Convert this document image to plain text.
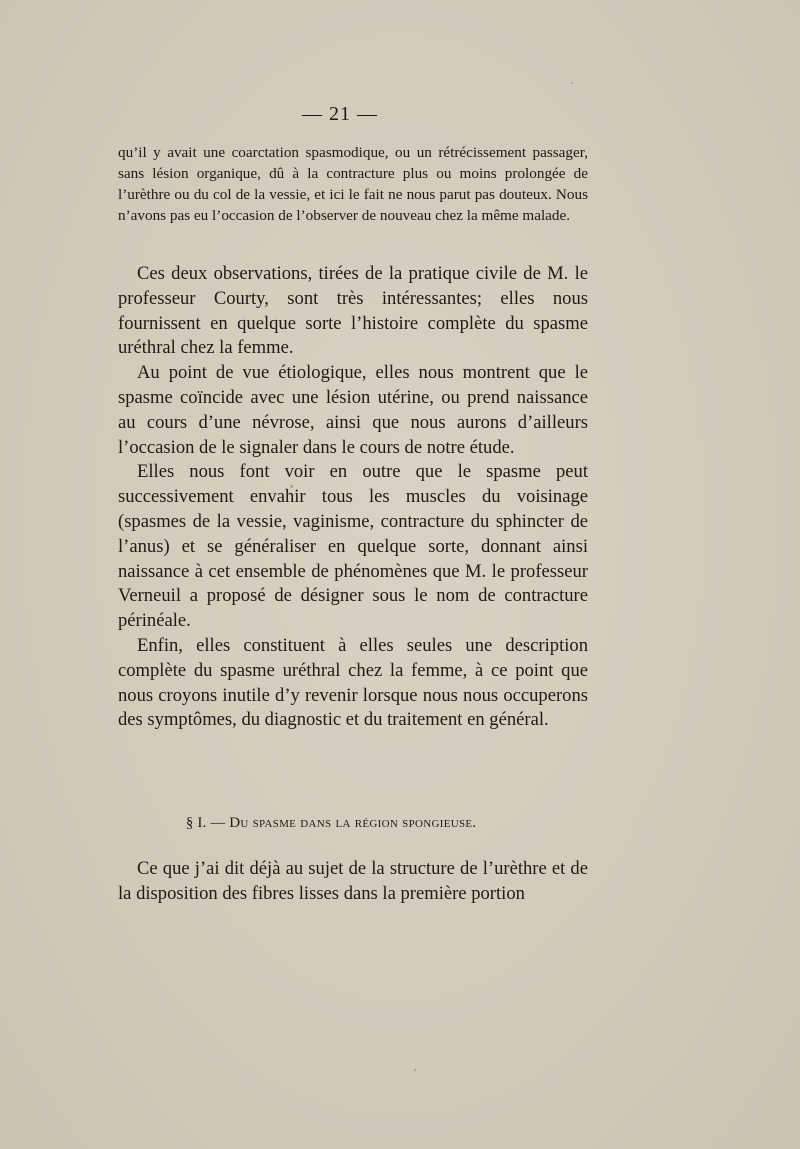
— 21 —

qu’il y avait une coarctation spasmodique, ou un rétrécissement passager, sans lésion organique, dû à la contracture plus ou moins prolongée de l’urèthre ou du col de la vessie, et ici le fait ne nous parut pas douteux. Nous n’avons pas eu l’occasion de l’observer de nouveau chez la même malade.

Ces deux observations, tirées de la pratique civile de M. le professeur Courty, sont très intéressantes; elles nous fournissent en quelque sorte l’histoire complète du spasme uréthral chez la femme.

Au point de vue étiologique, elles nous montrent que le spasme coïncide avec une lésion utérine, ou prend naissance au cours d’une névrose, ainsi que nous aurons d’ailleurs l’occasion de le signaler dans le cours de notre étude.

Elles nous font voir en outre que le spasme peut successivement envahir tous les muscles du voisinage (spasmes de la vessie, vaginisme, contracture du sphincter de l’anus) et se généraliser en quelque sorte, donnant ainsi naissance à cet ensemble de phénomènes que M. le professeur Verneuil a proposé de désigner sous le nom de contracture périnéale.

Enfin, elles constituent à elles seules une description complète du spasme uréthral chez la femme, à ce point que nous croyons inutile d’y revenir lorsque nous nous occuperons des symptômes, du diagnostic et du traitement en général.

§ I. — Du spasme dans la région spongieuse.

Ce que j’ai dit déjà au sujet de la structure de l’urèthre et de la disposition des fibres lisses dans la première portion
